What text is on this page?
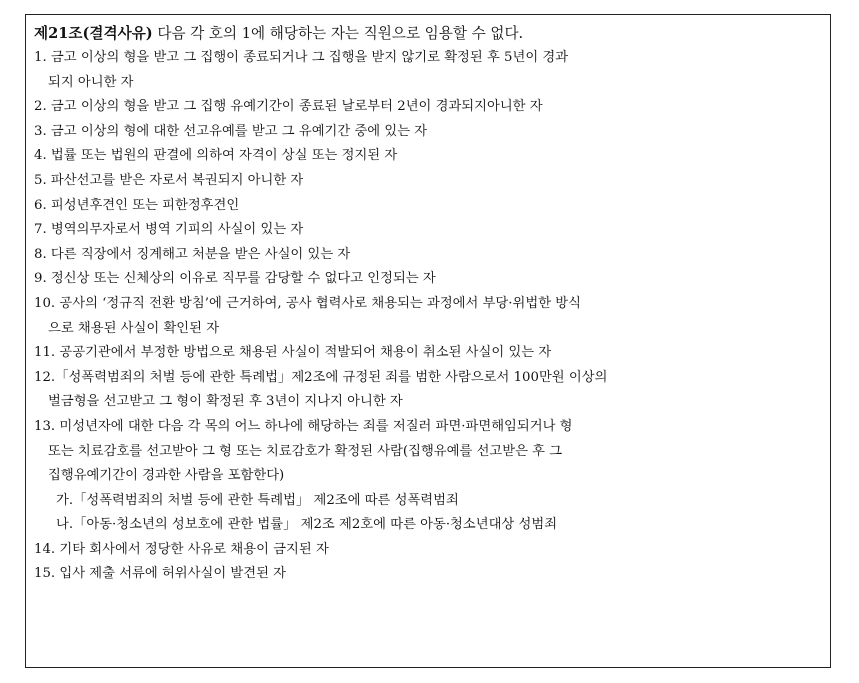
제21조(결격사유) 다음 각 호의 1에 해당하는 자는 직원으로 임용할 수 없다.
1. 금고 이상의 형을 받고 그 집행이 종료되거나 그 집행을 받지 않기로 확정된 후 5년이 경과
되지 아니한 자
2. 금고 이상의 형을 받고 그 집행 유예기간이 종료된 날로부터 2년이 경과되지아니한 자
3. 금고 이상의 형에 대한 선고유예를 받고 그 유예기간 중에 있는 자
4. 법률 또는 법원의 판결에 의하여 자격이 상실 또는 정지된 자
5. 파산선고를 받은 자로서 복권되지 아니한 자
6. 피성년후견인 또는 피한정후견인
7. 병역의무자로서 병역 기피의 사실이 있는 자
8. 다른 직장에서 징계해고 처분을 받은 사실이 있는 자
9. 정신상 또는 신체상의 이유로 직무를 감당할 수 없다고 인정되는 자
10. 공사의 ‘정규직 전환 방침’에 근거하여, 공사 협력사로 채용되는 과정에서 부당·위법한 방식
으로 채용된 사실이 확인된 자
11. 공공기관에서 부정한 방법으로 채용된 사실이 적발되어 채용이 취소된 사실이 있는 자
12.「성폭력범죄의 처벌 등에 관한 특례법」제2조에 규정된 죄를 범한 사람으로서 100만원 이상의
벌금형을 선고받고 그 형이 확정된 후 3년이 지나지 아니한 자
13. 미성년자에 대한 다음 각 목의 어느 하나에 해당하는 죄를 저질러 파면·파면해임되거나 형
또는 치료감호를 선고받아 그 형 또는 치료감호가 확정된 사람(집행유예를 선고받은 후 그
집행유예기간이 경과한 사람을 포함한다)
가.「성폭력범죄의 처벌 등에 관한 특례법」 제2조에 따른 성폭력범죄
나.「아동·청소년의 성보호에 관한 법률」 제2조 제2호에 따른 아동·청소년대상 성범죄
14. 기타 회사에서 정당한 사유로 채용이 금지된 자
15. 입사 제출 서류에 허위사실이 발견된 자
